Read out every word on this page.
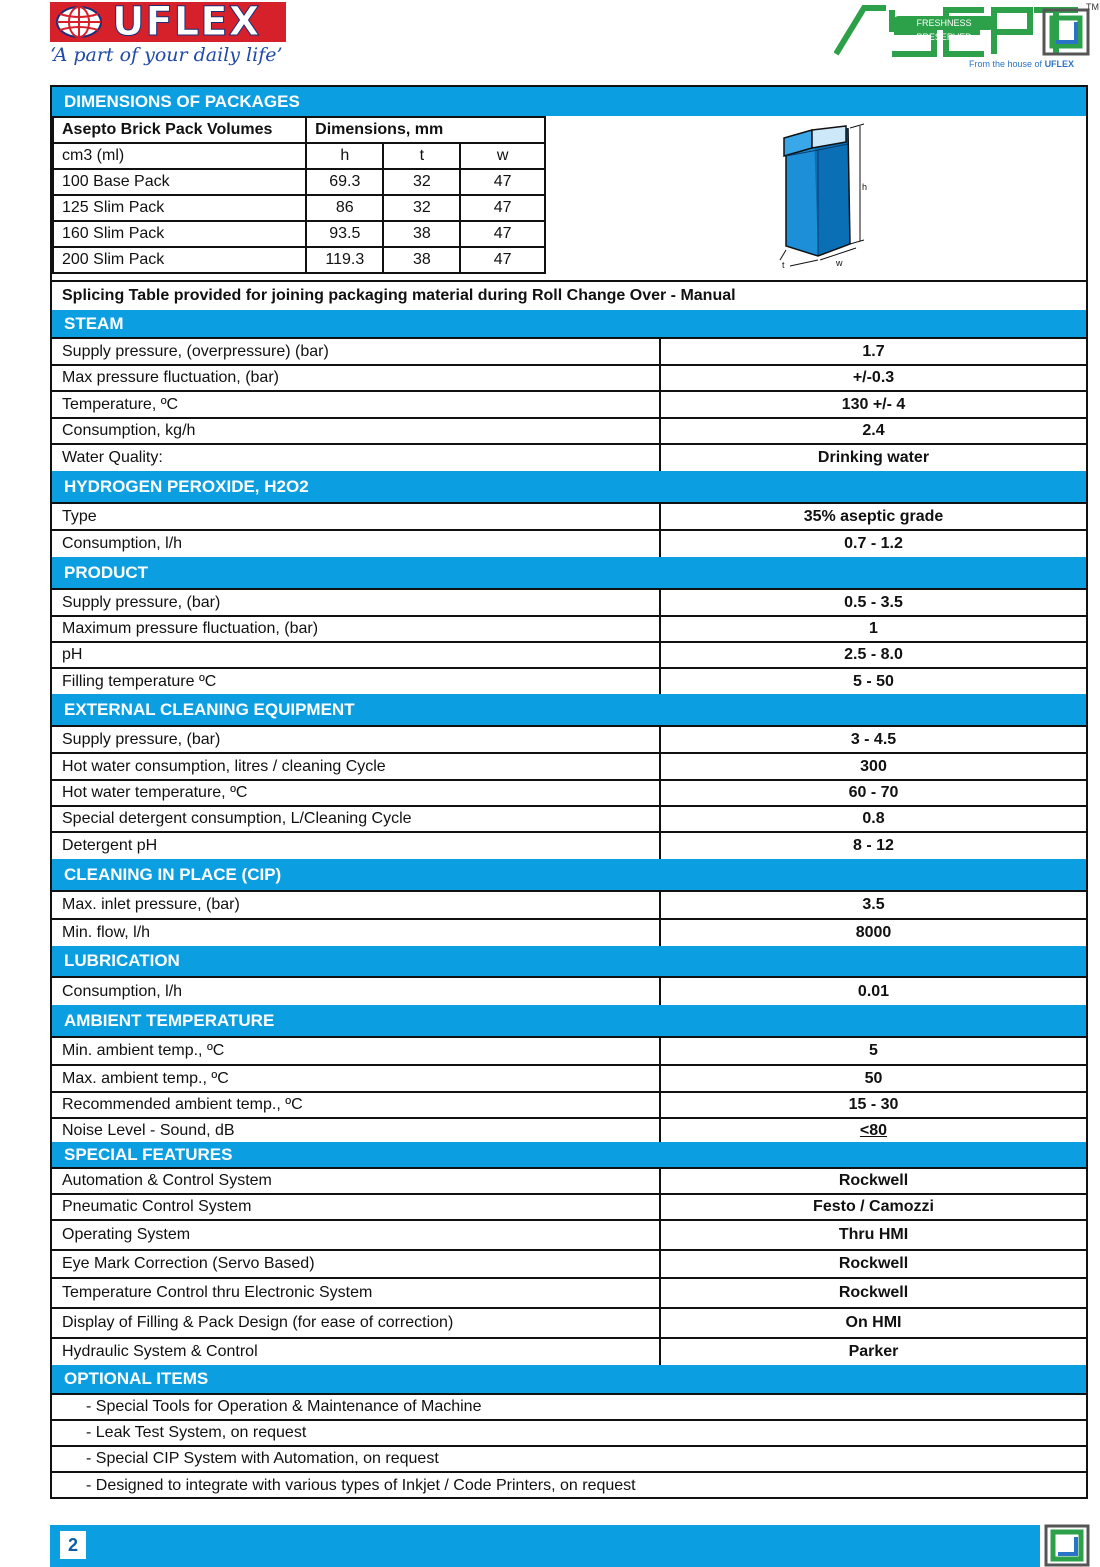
UFLEX
‘A part of your daily life’
FRESHNESS PRESERVED
TM
From the house of UFLEX
DIMENSIONS OF PACKAGES
Asepto Brick Pack Volumes	Dimensions, mm		
cm3 (ml)	h	t	w
100 Base Pack	69.3	32	47
125 Slim Pack	86	32	47
160 Slim Pack	93.5	38	47
200 Slim Pack	119.3	38	47
h
t	w
Splicing Table provided for joining packaging material during Roll Change Over - Manual
STEAM
Supply pressure, (overpressure) (bar)	1.7
Max pressure fluctuation, (bar)	+/-0.3
Temperature, ºC	130 +/- 4
Consumption, kg/h	2.4
Water Quality:	Drinking water
HYDROGEN PEROXIDE, H2O2
Type	35% aseptic grade
Consumption, l/h	0.7 - 1.2
PRODUCT
Supply pressure, (bar)	0.5 - 3.5
Maximum pressure fluctuation, (bar)	1
pH	2.5 - 8.0
Filling temperature ºC	5 - 50
EXTERNAL CLEANING EQUIPMENT
Supply pressure, (bar)	3 - 4.5
Hot water consumption, litres / cleaning Cycle	300
Hot water temperature, ºC	60 - 70
Special detergent consumption, L/Cleaning Cycle	0.8
Detergent pH	8 - 12
CLEANING IN PLACE (CIP)
Max. inlet pressure, (bar)	3.5
Min. flow, l/h	8000
LUBRICATION
Consumption, l/h	0.01
AMBIENT TEMPERATURE
Min. ambient temp., ºC	5
Max. ambient temp., ºC	50
Recommended ambient temp., ºC	15 - 30
Noise Level - Sound, dB	<80
SPECIAL FEATURES
Automation & Control System	Rockwell
Pneumatic Control System	Festo / Camozzi
Operating System	Thru HMI
Eye Mark Correction (Servo Based)	Rockwell
Temperature Control thru Electronic System	Rockwell
Display of Filling & Pack Design (for ease of correction)	On HMI
Hydraulic System & Control	Parker
OPTIONAL ITEMS
- Special Tools for Operation & Maintenance of Machine
- Leak Test System, on request
- Special CIP System with Automation, on request
- Designed to integrate with various types of Inkjet / Code Printers, on request
2
